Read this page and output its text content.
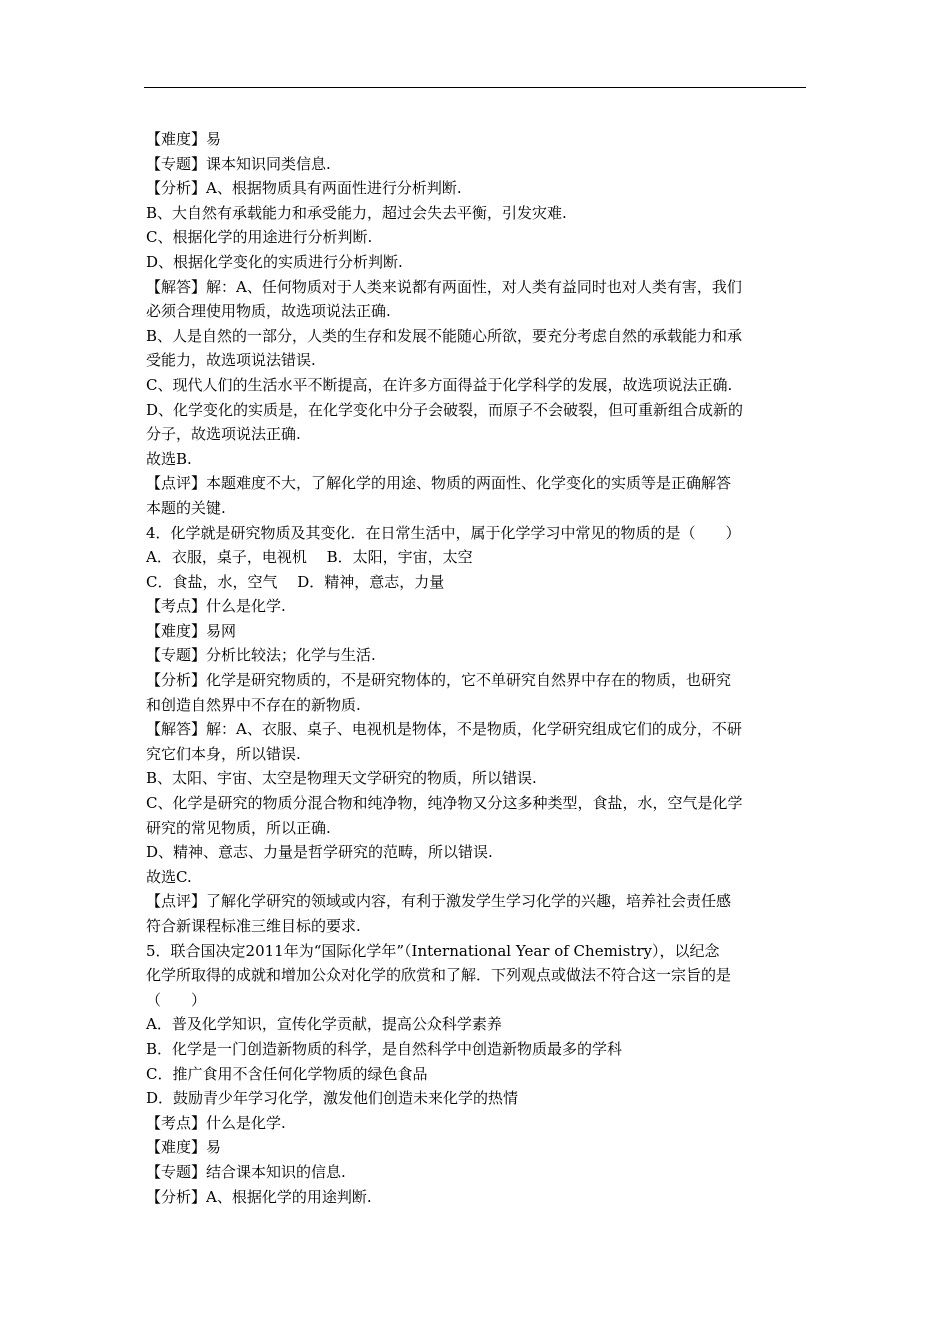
【难度】易
【专题】课本知识同类信息.
【分析】A、根据物质具有两面性进行分析判断.
B、大自然有承载能力和承受能力，超过会失去平衡，引发灾难.
C、根据化学的用途进行分析判断.
D、根据化学变化的实质进行分析判断.
【解答】解：A、任何物质对于人类来说都有两面性，对人类有益同时也对人类有害，我们
必须合理使用物质，故选项说法正确.
B、人是自然的一部分，人类的生存和发展不能随心所欲，要充分考虑自然的承载能力和承
受能力，故选项说法错误.
C、现代人们的生活水平不断提高，在许多方面得益于化学科学的发展，故选项说法正确.
D、化学变化的实质是，在化学变化中分子会破裂，而原子不会破裂，但可重新组合成新的
分子，故选项说法正确.
故选B.
【点评】本题难度不大，了解化学的用途、物质的两面性、化学变化的实质等是正确解答
本题的关键.
4．化学就是研究物质及其变化．在日常生活中，属于化学学习中常见的物质的是（　　）
A．衣服，桌子，电视机　 B．太阳，宇宙，太空
C．食盐，水，空气　 D．精神，意志，力量
【考点】什么是化学.
【难度】易网
【专题】分析比较法；化学与生活.
【分析】化学是研究物质的，不是研究物体的，它不单研究自然界中存在的物质，也研究
和创造自然界中不存在的新物质.
【解答】解：A、衣服、桌子、电视机是物体，不是物质，化学研究组成它们的成分，不研
究它们本身，所以错误.
B、太阳、宇宙、太空是物理天文学研究的物质，所以错误.
C、化学是研究的物质分混合物和纯净物，纯净物又分这多种类型，食盐，水，空气是化学
研究的常见物质，所以正确.
D、精神、意志、力量是哲学研究的范畴，所以错误.
故选C.
【点评】了解化学研究的领域或内容，有利于激发学生学习化学的兴趣，培养社会责任感
符合新课程标准三维目标的要求.
5．联合国决定2011年为“国际化学年”（International Year of Chemistry），以纪念
化学所取得的成就和增加公众对化学的欣赏和了解．下列观点或做法不符合这一宗旨的是
（　　）
A．普及化学知识，宣传化学贡献，提高公众科学素养
B．化学是一门创造新物质的科学，是自然科学中创造新物质最多的学科
C．推广食用不含任何化学物质的绿色食品
D．鼓励青少年学习化学，激发他们创造未来化学的热情
【考点】什么是化学.
【难度】易
【专题】结合课本知识的信息.
【分析】A、根据化学的用途判断.
